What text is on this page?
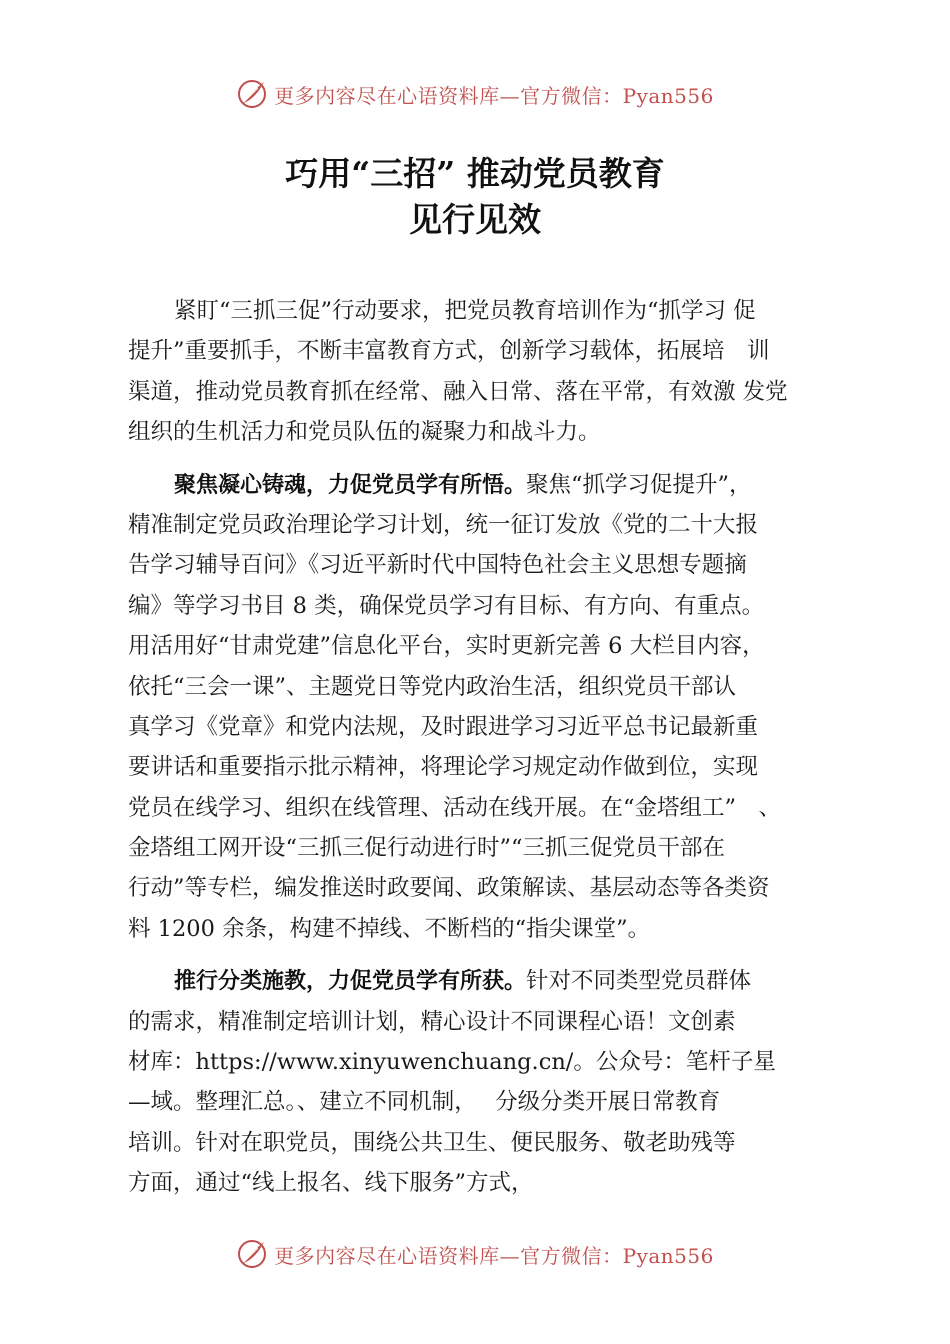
更多内容尽在心语资料库—官方微信：Pyan556
巧用“三招” 推动党员教育
见行见效
紧盯“三抓三促”行动要求，把党员教育培训作为“抓学习 促
提升”重要抓手，不断丰富教育方式，创新学习载体，拓展培　训
渠道，推动党员教育抓在经常、融入日常、落在平常，有效激 发党
组织的生机活力和党员队伍的凝聚力和战斗力。
聚焦凝心铸魂，力促党员学有所悟。聚焦“抓学习促提升”，
精准制定党员政治理论学习计划，统一征订发放《党的二十大报
告学习辅导百问》《习近平新时代中国特色社会主义思想专题摘
编》等学习书目 8 类，确保党员学习有目标、有方向、有重点。
用活用好“甘肃党建”信息化平台，实时更新完善 6 大栏目内容，
依托“三会一课”、主题党日等党内政治生活，组织党员干部认
真学习《党章》和党内法规，及时跟进学习习近平总书记最新重
要讲话和重要指示批示精神，将理论学习规定动作做到位，实现
党员在线学习、组织在线管理、活动在线开展。在“金塔组工”　、
金塔组工网开设“三抓三促行动进行时”“三抓三促党员干部在
行动”等专栏，编发推送时政要闻、政策解读、基层动态等各类资
料 1200 余条，构建不掉线、不断档的“指尖课堂”。
推行分类施教，力促党员学有所获。针对不同类型党员群体
的需求，精准制定培训计划，精心设计不同课程心语！文创素
材库：https://www.xinyuwenchuang.cn/。公众号：笔杆子星
—域。整理汇总。、建立不同机制，　 分级分类开展日常教育
培训。针对在职党员，围绕公共卫生、便民服务、敬老助残等
方面，通过“线上报名、线下服务”方式，
更多内容尽在心语资料库—官方微信：Pyan556
